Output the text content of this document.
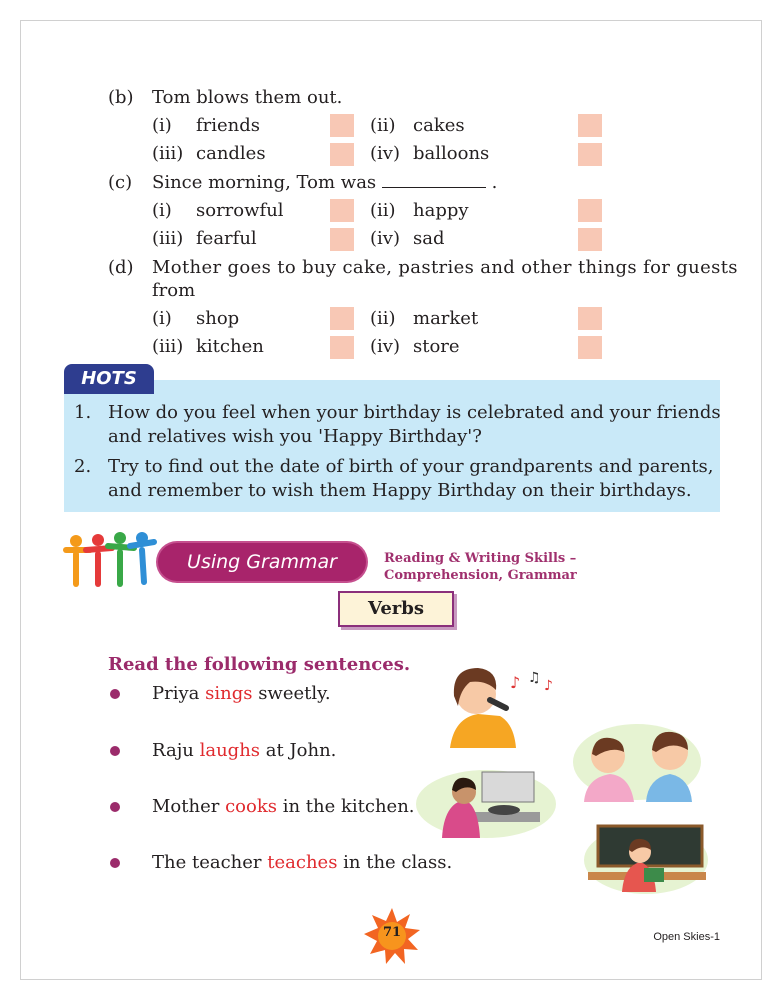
(b) Tom blows them out.
(i) friends	(ii) cakes
(iii) candles	(iv) balloons
(c) Since morning, Tom was	.
(i) sorrowful	(ii) happy
(iii) fearful	(iv) sad
(d) Mother goes to buy cake, pastries and other things for guests
from
(i) shop	(ii) market
(iii) kitchen	(iv) store
HOTS
1. How do you feel when your birthday is celebrated and your friends
and relatives wish you 'Happy Birthday'?
2. Try to find out the date of birth of your grandparents and parents,
and remember to wish them Happy Birthday on their birthdays.
Using Grammar	Reading & Writing Skills –
Comprehension, Grammar
Verbs
Read the following sentences.
Priya sings sweetly.
Raju laughs at John.
Mother cooks in the kitchen.
The teacher teaches in the class.
♪ ♫ ♪
71	Open Skies-1
